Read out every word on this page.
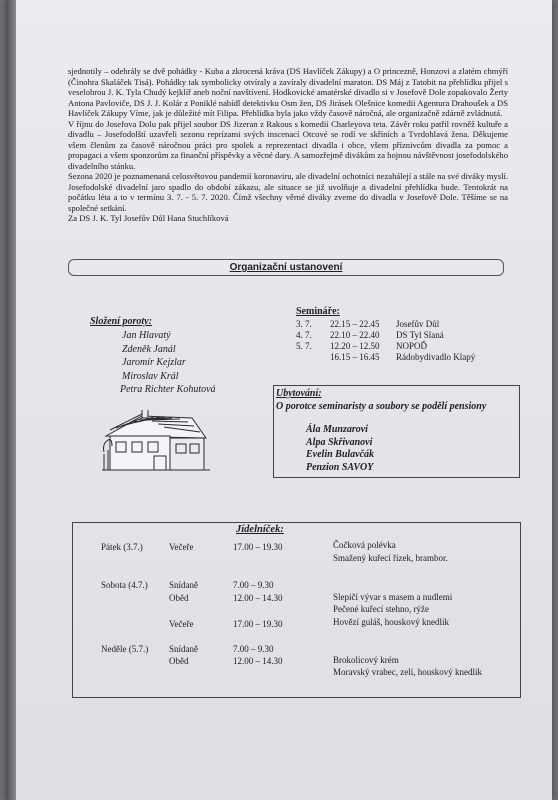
sjednotily – odehrály se dvě pohádky - Kuba a zkrocená kráva (DS Havlíček Zákupy) a O princezně, Honzovi a zlatém chmýří (Činohra Skaláček Tisá). Pohádky tak symbolicky otvíraly a zavíraly divadelní maraton. DS Máj z Tatobit na přehlídku přijel s veselohrou J. K. Tyla Chudý kejklíř aneb noční navštívení. Hodkovické amatérské divadlo si v Josefově Dole zopakovalo Žerty Antona Pavloviče, DS J. J. Kolár z Poniklé nabídl detektivku Osm žen, DS Jirásek Olešnice komedii Agentura Drahoušek a DS Havlíček Zákupy Víme, jak je důležité mít Filipa. Přehlídka byla jako vždy časově náročná, ale organizačně zdárně zvládnutá.

V říjnu do Josefova Dolu pak přijel soubor DS Jizeran z Rakous s komedií Charleyova teta. Závěr roku patřil rovněž kultuře a divadlu – Josefodolští uzavřeli sezonu reprízami svých inscenací Otcové se rodí ve skříních a Tvrdohlavá žena. Děkujeme všem členům za časově náročnou práci pro spolek a reprezentaci divadla i obce, všem příznivcům divadla za pomoc a propagaci a všem sponzorům za finanční příspěvky a věcné dary. A samozřejmě divákům za hojnou návštěvnost josefodolského divadelního stánku.

Sezona 2020 je poznamenaná celosvětovou pandemií koronaviru, ale divadelní ochotníci nezahálejí a stále na své diváky myslí. Josefodolské divadelní jaro spadlo do období zákazu, ale situace se již uvolňuje a divadelní přehlídka bude. Tentokrát na počátku léta a to v termínu 3. 7. - 5. 7. 2020. Čímž všechny věrné diváky zveme do divadla v Josefově Dole. Těšíme se na společné setkání.

Za DS J. K. Tyl Josefův Důl Hana Stuchlíková

Organizační ustanovení
Složení poroty:
Jan Hlavatý
Zdeněk Janál
Jaromír Kejzlar
Miroslav Král
Petra Richter Kohutová
Semináře:
3. 7.	22.15 – 22.45	Josefův Důl
4. 7.	22.10 – 22.40	DS Tyl Slaná
5. 7.	12.20 – 12.50	NOPOĎ
16.15 – 16.45	Rádobydivadlo Klapý
Ubytování:
O porotce seminaristy a soubory se podělí pensiony
Ála Munzarovi
Alpa Skřivanovi
Evelin Bulavčák
Penzion SAVOY
Jídelníček:
Pátek (3.7.)	Večeře	17.00 – 19.30	Čočková polévka
Smažený kuřecí řízek, brambor.
Sobota (4.7.)	Snídaně	7.00 – 9.30
Oběd	12.00 – 14.30	Slepičí vývar s masem a nudlemi
Pečené kuřecí stehno, rýže
Večeře	17.00 – 19.30	Hovězí guláš, houskový knedlík
Neděle (5.7.)	Snídaně	7.00 – 9.30
Oběd	12.00 – 14.30	Brokolicový krém
Moravský vrabec, zelí, houskový knedlík
